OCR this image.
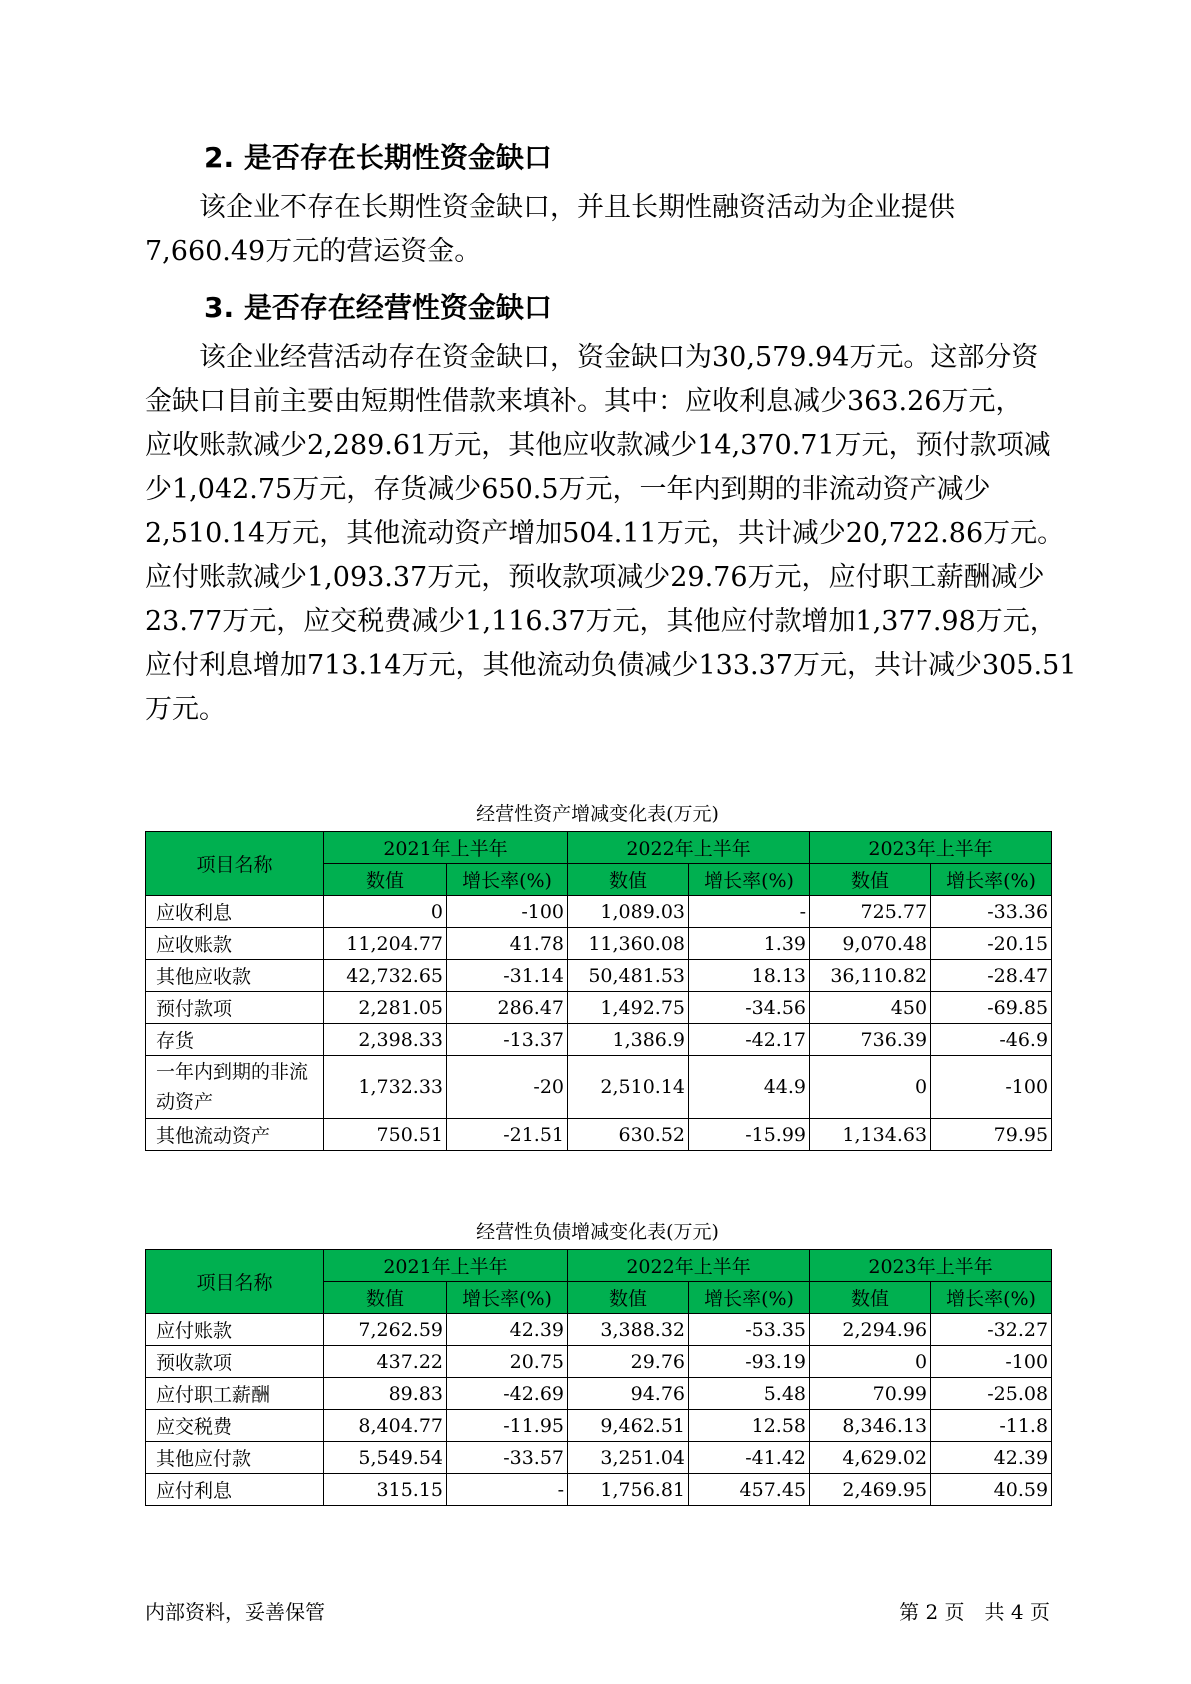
2. 是否存在长期性资金缺口

　　该企业不存在长期性资金缺口，并且长期性融资活动为企业提供
7,660.49万元的营运资金。

3. 是否存在经营性资金缺口

　　该企业经营活动存在资金缺口，资金缺口为30,579.94万元。这部分资
金缺口目前主要由短期性借款来填补。其中：应收利息减少363.26万元，
应收账款减少2,289.61万元，其他应收款减少14,370.71万元，预付款项减
少1,042.75万元，存货减少650.5万元，一年内到期的非流动资产减少
2,510.14万元，其他流动资产增加504.11万元，共计减少20,722.86万元。
应付账款减少1,093.37万元，预收款项减少29.76万元，应付职工薪酬减少
23.77万元，应交税费减少1,116.37万元，其他应付款增加1,377.98万元，
应付利息增加713.14万元，其他流动负债减少133.37万元，共计减少305.51
万元。

经营性资产增减变化表(万元)
项目名称	2021年上半年		2022年上半年		2023年上半年	
	数值	增长率(%)	数值	增长率(%)	数值	增长率(%)
应收利息	0	-100	1,089.03	-	725.77	-33.36
应收账款	11,204.77	41.78	11,360.08	1.39	9,070.48	-20.15
其他应收款	42,732.65	-31.14	50,481.53	18.13	36,110.82	-28.47
预付款项	2,281.05	286.47	1,492.75	-34.56	450	-69.85
存货	2,398.33	-13.37	1,386.9	-42.17	736.39	-46.9

一年内到期的非流
动资产	1,732.33	-20	2,510.14	44.9	0	-100
其他流动资产	750.51	-21.51	630.52	-15.99	1,134.63	79.95
经营性负债增减变化表(万元)
项目名称	2021年上半年		2022年上半年		2023年上半年	
	数值	增长率(%)	数值	增长率(%)	数值	增长率(%)
应付账款	7,262.59	42.39	3,388.32	-53.35	2,294.96	-32.27
预收款项	437.22	20.75	29.76	-93.19	0	-100
应付职工薪酬	89.83	-42.69	94.76	5.48	70.99	-25.08
应交税费	8,404.77	-11.95	9,462.51	12.58	8,346.13	-11.8
其他应付款	5,549.54	-33.57	3,251.04	-41.42	4,629.02	42.39
应付利息	315.15	-	1,756.81	457.45	2,469.95	40.59
内部资料，妥善保管	第 2 页　共 4 页
